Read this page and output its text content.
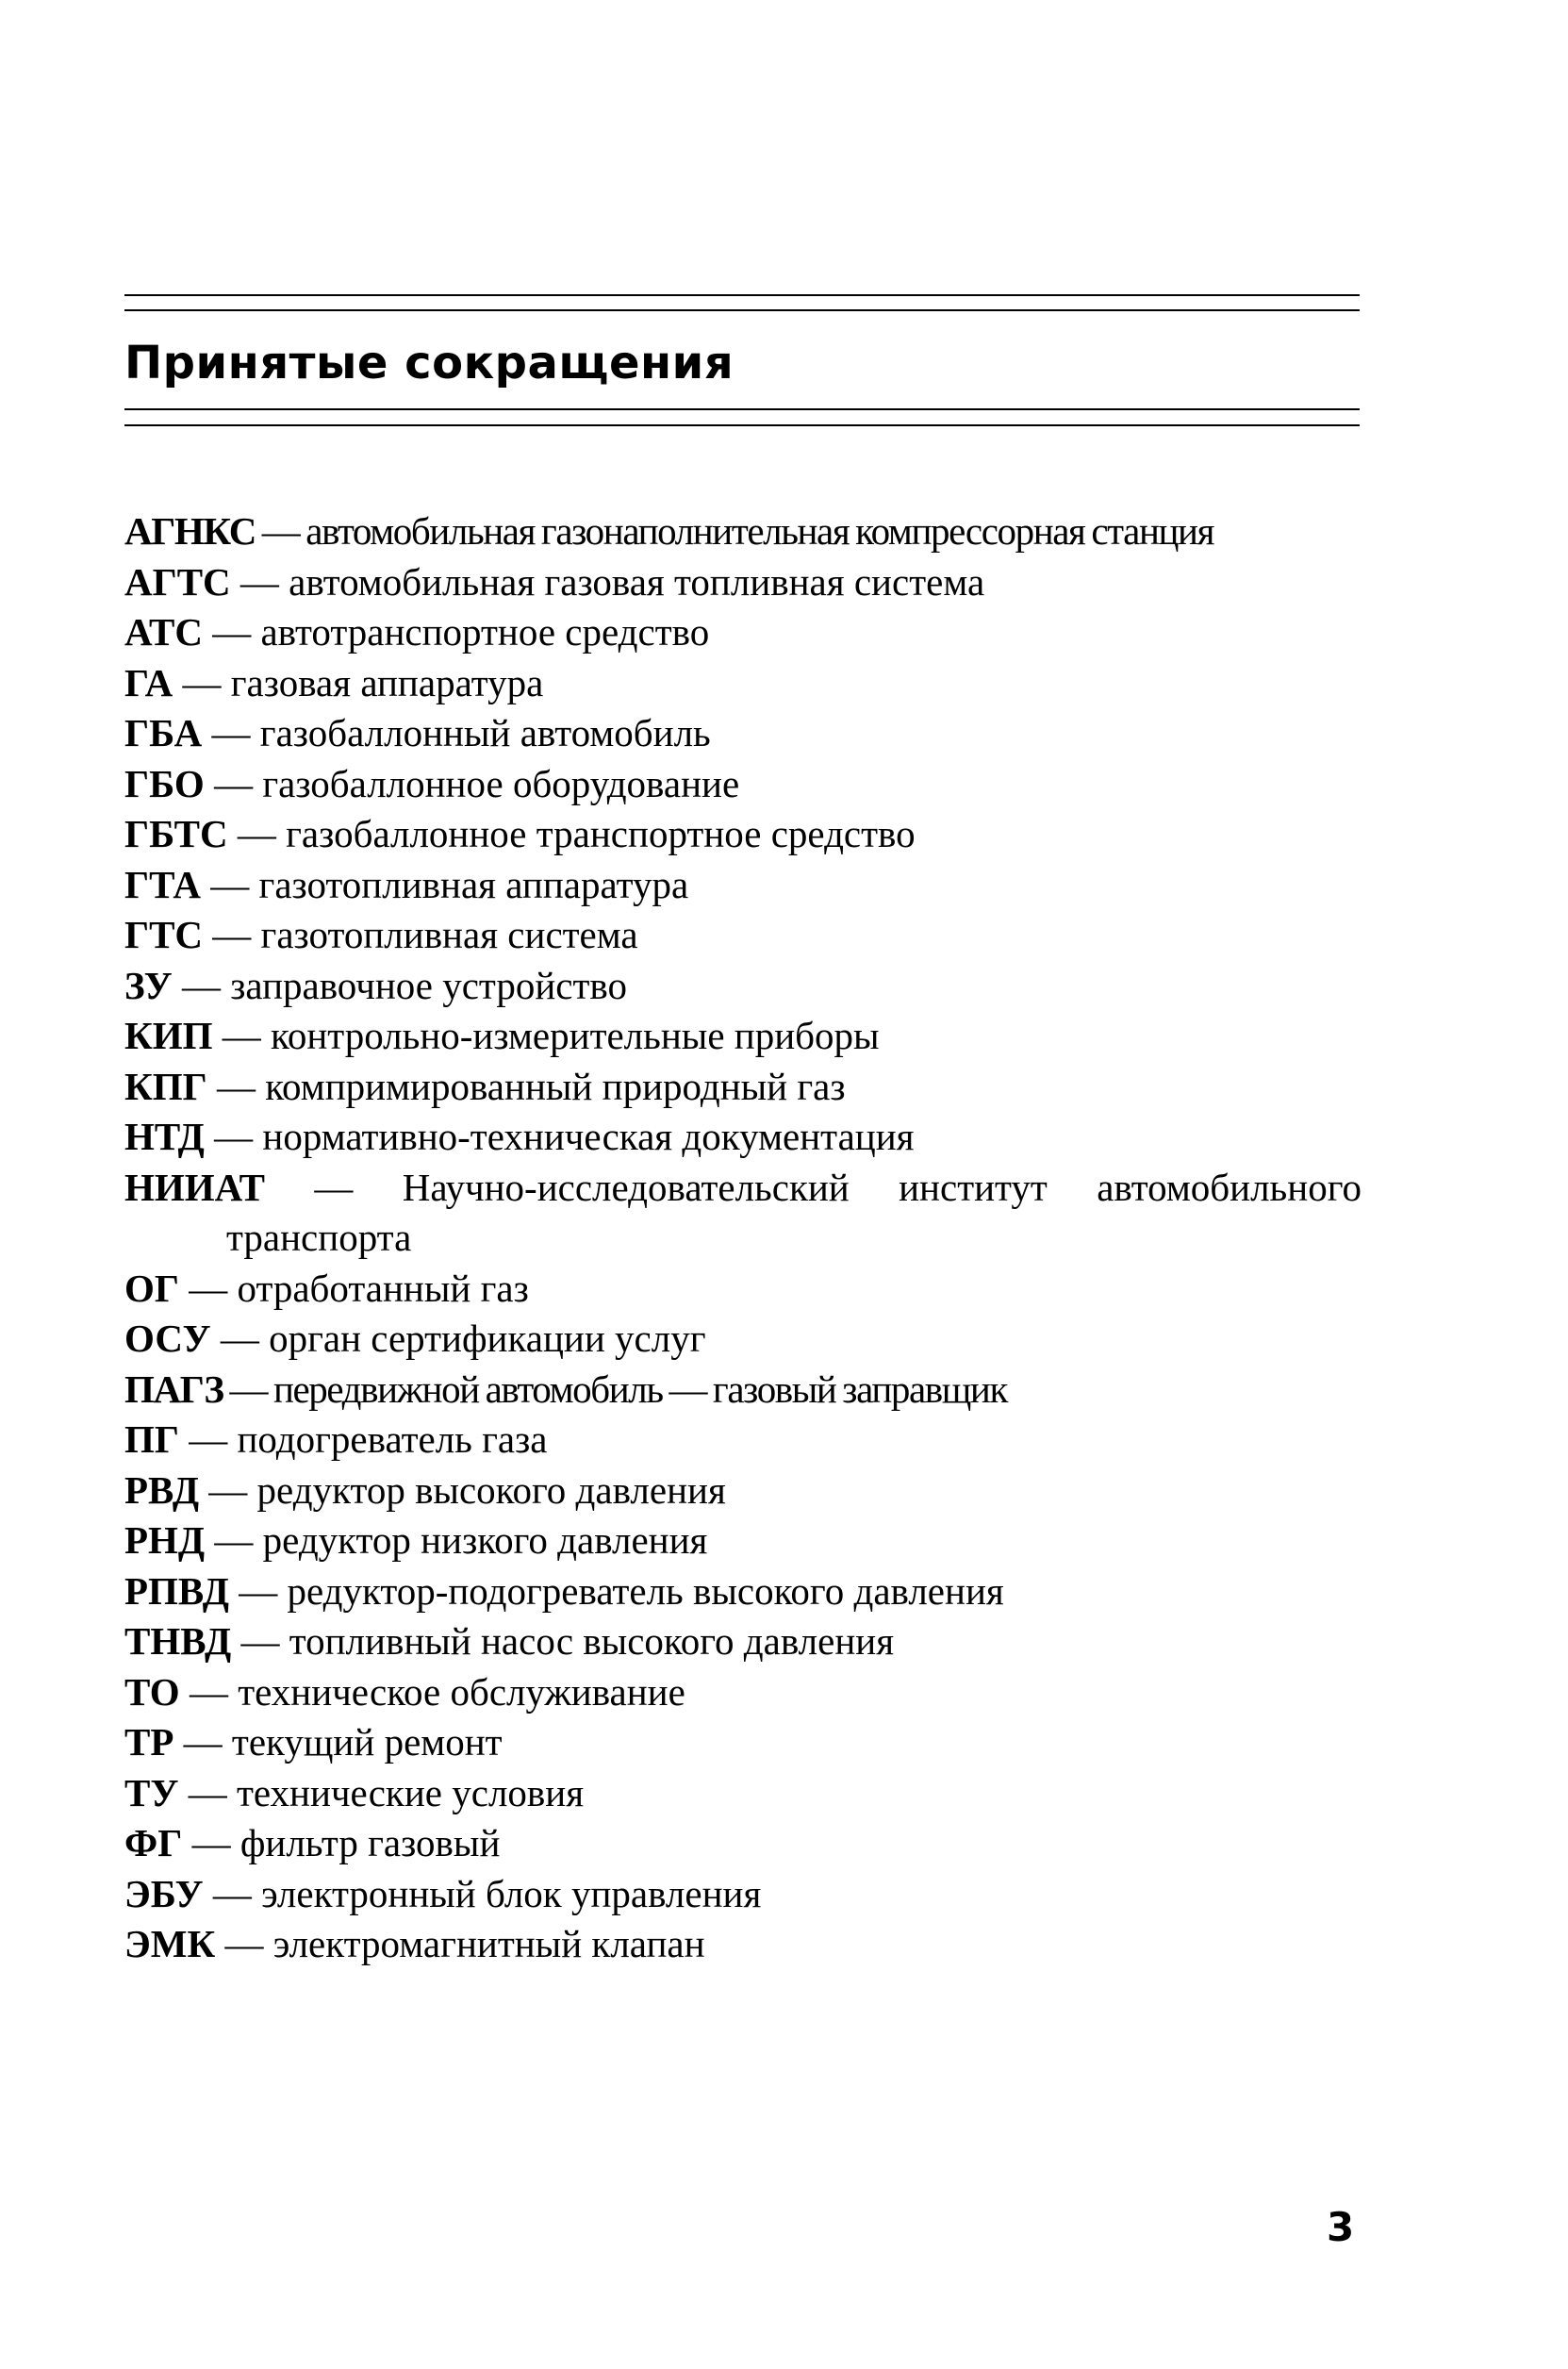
Принятые сокращения

АГНКС — автомобильная газонаполнительная компрессорная станция

АГТС — автомобильная газовая топливная система

АТС — автотранспортное средство

ГА — газовая аппаратура

ГБА — газобаллонный автомобиль

ГБО — газобаллонное оборудование

ГБТС — газобаллонное транспортное средство

ГТА — газотопливная аппаратура

ГТС — газотопливная система

ЗУ — заправочное устройство

КИП — контрольно-измерительные приборы

КПГ — компримированный природный газ

НТД — нормативно-техническая документация

НИИАТ — Научно-исследовательский институт автомобильного транспорта

ОГ — отработанный газ

ОСУ — орган сертификации услуг

ПАГЗ — передвижной автомобиль — газовый заправщик

ПГ — подогреватель газа

РВД — редуктор высокого давления

РНД — редуктор низкого давления

РПВД — редуктор-подогреватель высокого давления

ТНВД — топливный насос высокого давления

ТО — техническое обслуживание

ТР — текущий ремонт

ТУ — технические условия

ФГ — фильтр газовый

ЭБУ — электронный блок управления

ЭМК — электромагнитный клапан

3
